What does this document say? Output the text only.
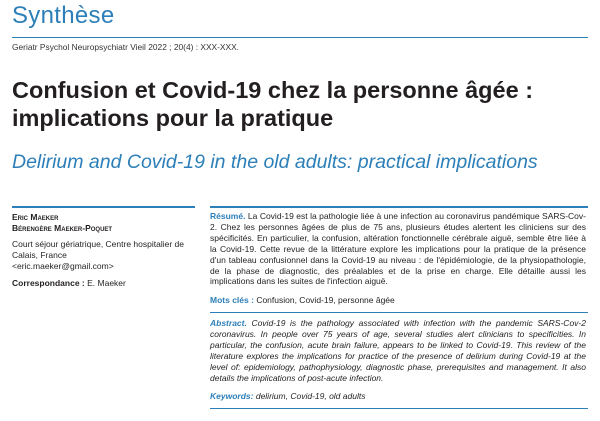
Synthèse
Geriatr Psychol Neuropsychiatr Vieil 2022 ; 20(4) : XXX-XXX.
Confusion et Covid-19 chez la personne âgée : implications pour la pratique
Delirium and Covid-19 in the old adults: practical implications
Eric Maeker
Bérengère Maeker-Poquet
Court séjour gériatrique, Centre hospitalier de Calais, France
<eric.maeker@gmail.com>
Correspondance : E. Maeker
Résumé. La Covid-19 est la pathologie liée à une infection au coronavirus pandémique SARS-Cov-2. Chez les personnes âgées de plus de 75 ans, plusieurs études alertent les cliniciens sur des spécificités. En particulier, la confusion, altération fonctionnelle cérébrale aiguë, semble être liée à la Covid-19. Cette revue de la littérature explore les implications pour la pratique de la présence d'un tableau confusionnel dans la Covid-19 au niveau : de l'épidémiologie, de la physiopathologie, de la phase de diagnostic, des préalables et de la prise en charge. Elle détaille aussi les implications dans les suites de l'infection aiguë.
Mots clés : Confusion, Covid-19, personne âgée
Abstract. Covid-19 is the pathology associated with infection with the pandemic SARS-Cov-2 coronavirus. In people over 75 years of age, several studies alert clinicians to specificities. In particular, the confusion, acute brain failure, appears to be linked to Covid-19. This review of the literature explores the implications for practice of the presence of delirium during Covid-19 at the level of: epidemiology, pathophysiology, diagnostic phase, prerequisites and management. It also details the implications of post-acute infection.
Keywords: delirium, Covid-19, old adults
